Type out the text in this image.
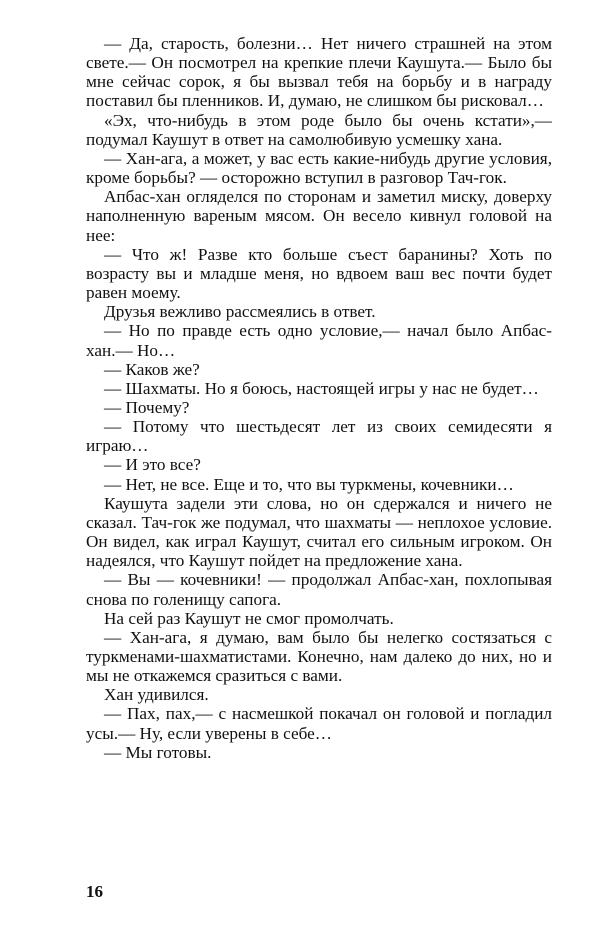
— Да, старость, болезни… Нет ничего страшней на этом свете.— Он посмотрел на крепкие плечи Каушута.— Было бы мне сейчас сорок, я бы вызвал тебя на борьбу и в награду поставил бы пленников. И, думаю, не слишком бы рисковал…

«Эх, что-нибудь в этом роде было бы очень кстати»,— подумал Каушут в ответ на самолюбивую усмешку хана.

— Хан-ага, а может, у вас есть какие-нибудь другие условия, кроме борьбы? — осторожно вступил в разговор Тач-гок.

Апбас-хан огляделся по сторонам и заметил миску, доверху наполненную вареным мясом. Он весело кивнул головой на нее:

— Что ж! Разве кто больше съест баранины? Хоть по возрасту вы и младше меня, но вдвоем ваш вес почти будет равен моему.

Друзья вежливо рассмеялись в ответ.

— Но по правде есть одно условие,— начал было Апбас-хан.— Но…

— Каков же?

— Шахматы. Но я боюсь, настоящей игры у нас не будет…

— Почему?

— Потому что шестьдесят лет из своих семидесяти я играю…

— И это все?

— Нет, не все. Еще и то, что вы туркмены, кочевники…

Каушута задели эти слова, но он сдержался и ничего не сказал. Тач-гок же подумал, что шахматы — неплохое условие. Он видел, как играл Каушут, считал его сильным игроком. Он надеялся, что Каушут пойдет на предложение хана.

— Вы — кочевники! — продолжал Апбас-хан, похлопывая снова по голенищу сапога.

На сей раз Каушут не смог промолчать.

— Хан-ага, я думаю, вам было бы нелегко состязаться с туркменами-шахматистами. Конечно, нам далеко до них, но и мы не откажемся сразиться с вами.

Хан удивился.

— Пах, пах,— с насмешкой покачал он головой и погладил усы.— Ну, если уверены в себе…

— Мы готовы.

16
